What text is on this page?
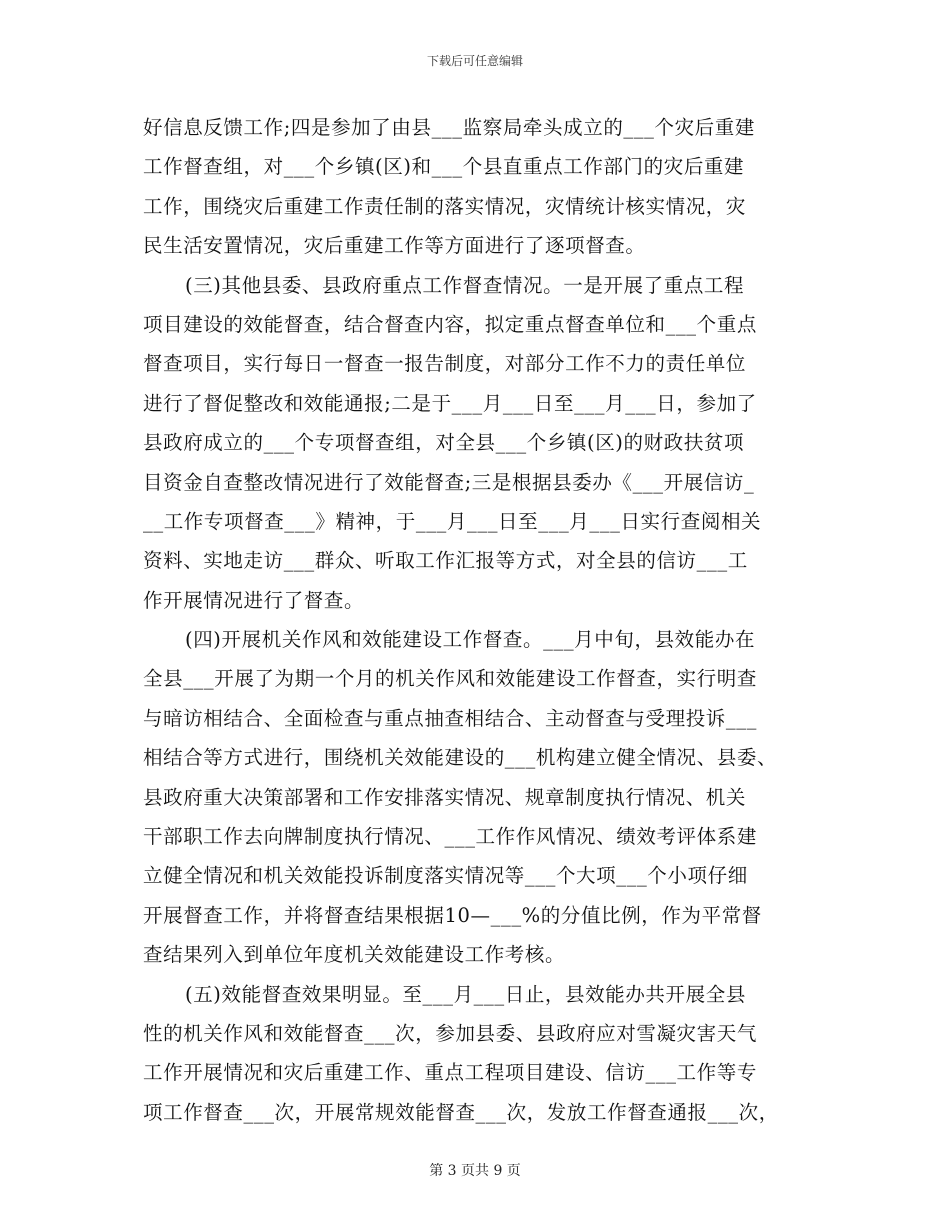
下载后可任意编辑
好信息反馈工作;四是参加了由县___监察局牵头成立的___个灾后重建
工作督查组，对___个乡镇(区)和___个县直重点工作部门的灾后重建
工作，围绕灾后重建工作责任制的落实情况，灾情统计核实情况，灾
民生活安置情况，灾后重建工作等方面进行了逐项督查。
(三)其他县委、县政府重点工作督查情况。一是开展了重点工程
项目建设的效能督查，结合督查内容，拟定重点督查单位和___个重点
督查项目，实行每日一督查一报告制度，对部分工作不力的责任单位
进行了督促整改和效能通报;二是于___月___日至___月___日，参加了
县政府成立的___个专项督查组，对全县___个乡镇(区)的财政扶贫项
目资金自查整改情况进行了效能督查;三是根据县委办《___开展信访_
__工作专项督查___》精神，于___月___日至___月___日实行查阅相关
资料、实地走访___群众、听取工作汇报等方式，对全县的信访___工
作开展情况进行了督查。
(四)开展机关作风和效能建设工作督查。___月中旬，县效能办在
全县___开展了为期一个月的机关作风和效能建设工作督查，实行明查
与暗访相结合、全面检查与重点抽查相结合、主动督查与受理投诉___
相结合等方式进行，围绕机关效能建设的___机构建立健全情况、县委、
县政府重大决策部署和工作安排落实情况、规章制度执行情况、机关
干部职工作去向牌制度执行情况、___工作作风情况、绩效考评体系建
立健全情况和机关效能投诉制度落实情况等___个大项___个小项仔细
开展督查工作，并将督查结果根据10—___%的分值比例，作为平常督
查结果列入到单位年度机关效能建设工作考核。
(五)效能督查效果明显。至___月___日止，县效能办共开展全县
性的机关作风和效能督查___次，参加县委、县政府应对雪凝灾害天气
工作开展情况和灾后重建工作、重点工程项目建设、信访___工作等专
项工作督查___次，开展常规效能督查___次，发放工作督查通报___次，
第 3 页共 9 页
